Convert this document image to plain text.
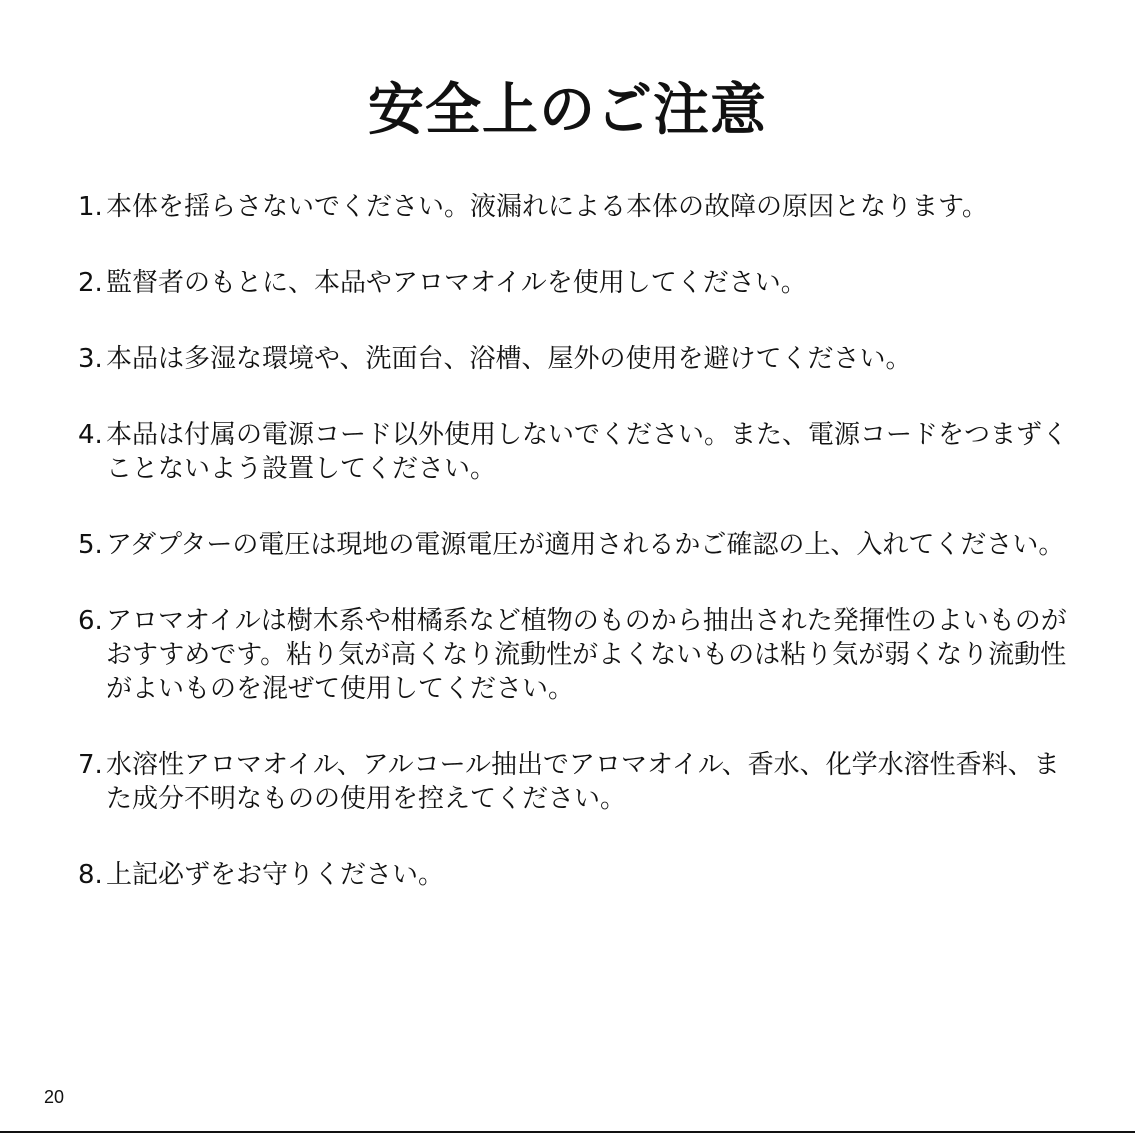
安全上のご注意
1. 本体を揺らさないでください。液漏れによる本体の故障の原因となります。
2. 監督者のもとに、本品やアロマオイルを使用してください。
3. 本品は多湿な環境や、洗面台、浴槽、屋外の使用を避けてください。
4. 本品は付属の電源コード以外使用しないでください。また、電源コードをつまずくことないよう設置してください。
5. アダプターの電圧は現地の電源電圧が適用されるかご確認の上、入れてください。
6. アロマオイルは樹木系や柑橘系など植物のものから抽出された発揮性のよいものがおすすめです。粘り気が高くなり流動性がよくないものは粘り気が弱くなり流動性がよいものを混ぜて使用してください。
7. 水溶性アロマオイル、アルコール抽出でアロマオイル、香水、化学水溶性香料、また成分不明なものの使用を控えてください。
8. 上記必ずをお守りください。
20
